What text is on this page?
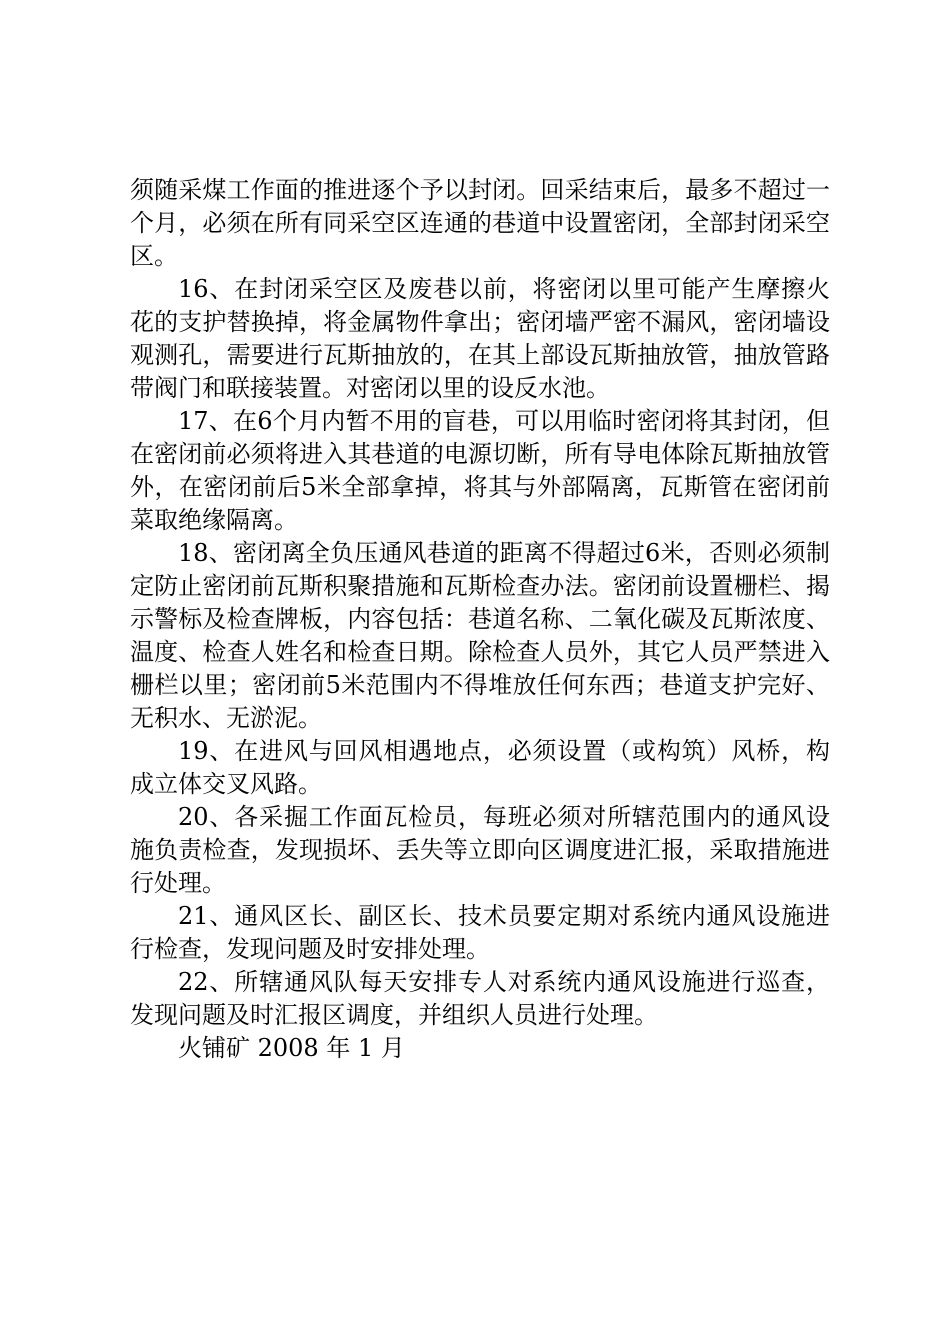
须随采煤工作面的推进逐个予以封闭。回采结束后，最多不超过一个月，必须在所有同采空区连通的巷道中设置密闭，全部封闭采空区。

16、在封闭采空区及废巷以前，将密闭以里可能产生摩擦火花的支护替换掉，将金属物件拿出；密闭墙严密不漏风，密闭墙设观测孔，需要进行瓦斯抽放的，在其上部设瓦斯抽放管，抽放管路带阀门和联接装置。对密闭以里的设反水池。

17、在6个月内暂不用的盲巷，可以用临时密闭将其封闭，但在密闭前必须将进入其巷道的电源切断，所有导电体除瓦斯抽放管外，在密闭前后5米全部拿掉，将其与外部隔离，瓦斯管在密闭前菜取绝缘隔离。

18、密闭离全负压通风巷道的距离不得超过6米，否则必须制定防止密闭前瓦斯积聚措施和瓦斯检查办法。密闭前设置栅栏、揭示警标及检查牌板，内容包括：巷道名称、二氧化碳及瓦斯浓度、温度、检查人姓名和检查日期。除检查人员外，其它人员严禁进入栅栏以里；密闭前5米范围内不得堆放任何东西；巷道支护完好、无积水、无淤泥。

19、在进风与回风相遇地点，必须设置（或构筑）风桥，构成立体交叉风路。

20、各采掘工作面瓦检员，每班必须对所辖范围内的通风设施负责检查，发现损坏、丢失等立即向区调度进汇报，采取措施进行处理。

21、通风区长、副区长、技术员要定期对系统内通风设施进行检查，发现问题及时安排处理。

22、所辖通风队每天安排专人对系统内通风设施进行巡查，发现问题及时汇报区调度，并组织人员进行处理。

火铺矿 2008 年 1 月
